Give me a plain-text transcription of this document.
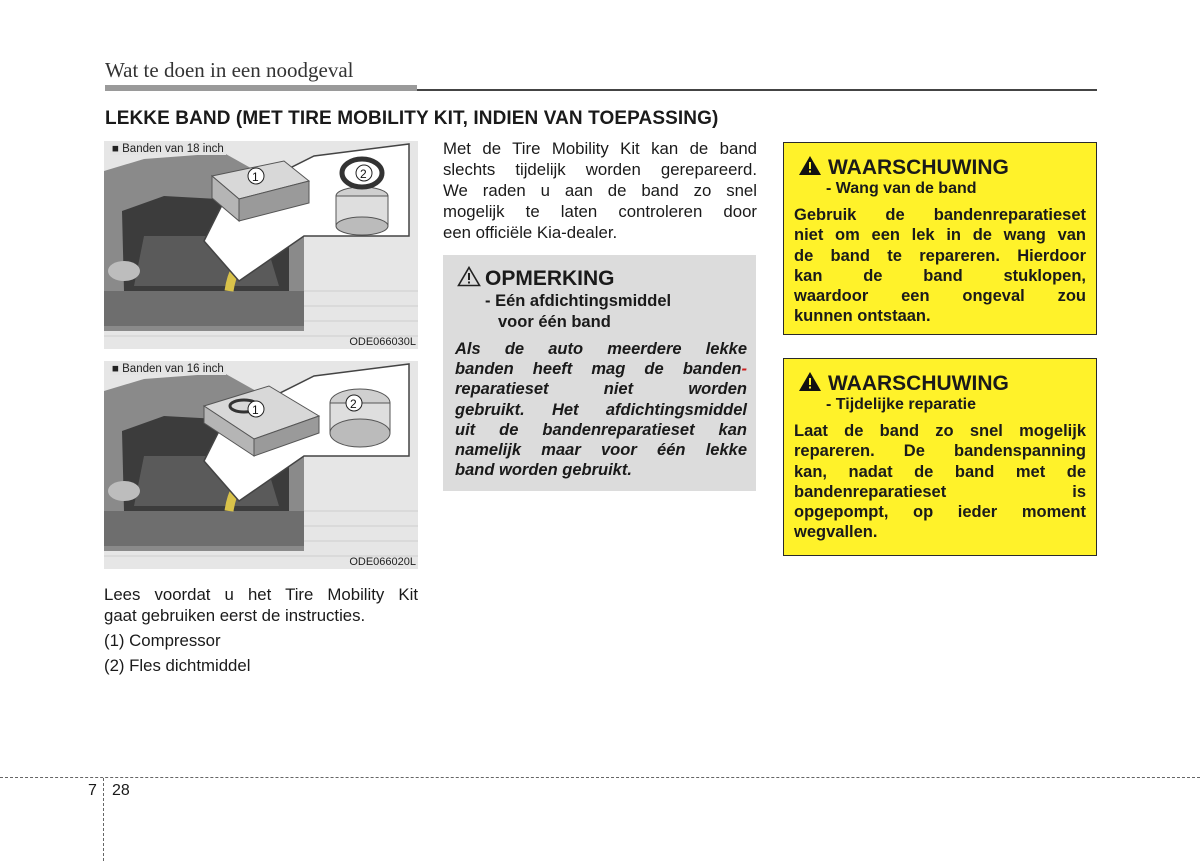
Wat te doen in een noodgeval
LEKKE BAND (MET TIRE MOBILITY KIT, INDIEN VAN TOEPASSING)
1	2
■ Banden van 18 inch
ODE066030L
1	2
■ Banden van 16 inch
ODE066020L
Lees voordat u het Tire Mobility Kit
gaat gebruiken eerst de instructies.
(1) Compressor
(2) Fles dichtmiddel
Met de Tire Mobility Kit kan de band
slechts tijdelijk worden gerepareerd.
We raden u aan de band zo snel
mogelijk te laten controleren door
een officiële Kia-dealer.
OPMERKING
- Eén afdichtingsmiddel
voor één band
Als de auto meerdere lekke
banden heeft mag de banden-
reparatieset niet worden
gebruikt. Het afdichtingsmiddel
uit de bandenreparatieset kan
namelijk maar voor één lekke
band worden gebruikt.
WAARSCHUWING
- Wang van de band
Gebruik de bandenreparatieset
niet om een lek in de wang van
de band te repareren. Hierdoor
kan de band stuklopen,
waardoor een ongeval zou
kunnen ontstaan.
WAARSCHUWING
- Tijdelijke reparatie
Laat de band zo snel mogelijk
repareren. De bandenspanning
kan, nadat de band met de
bandenreparatieset is
opgepompt, op ieder moment
wegvallen.
7 28
